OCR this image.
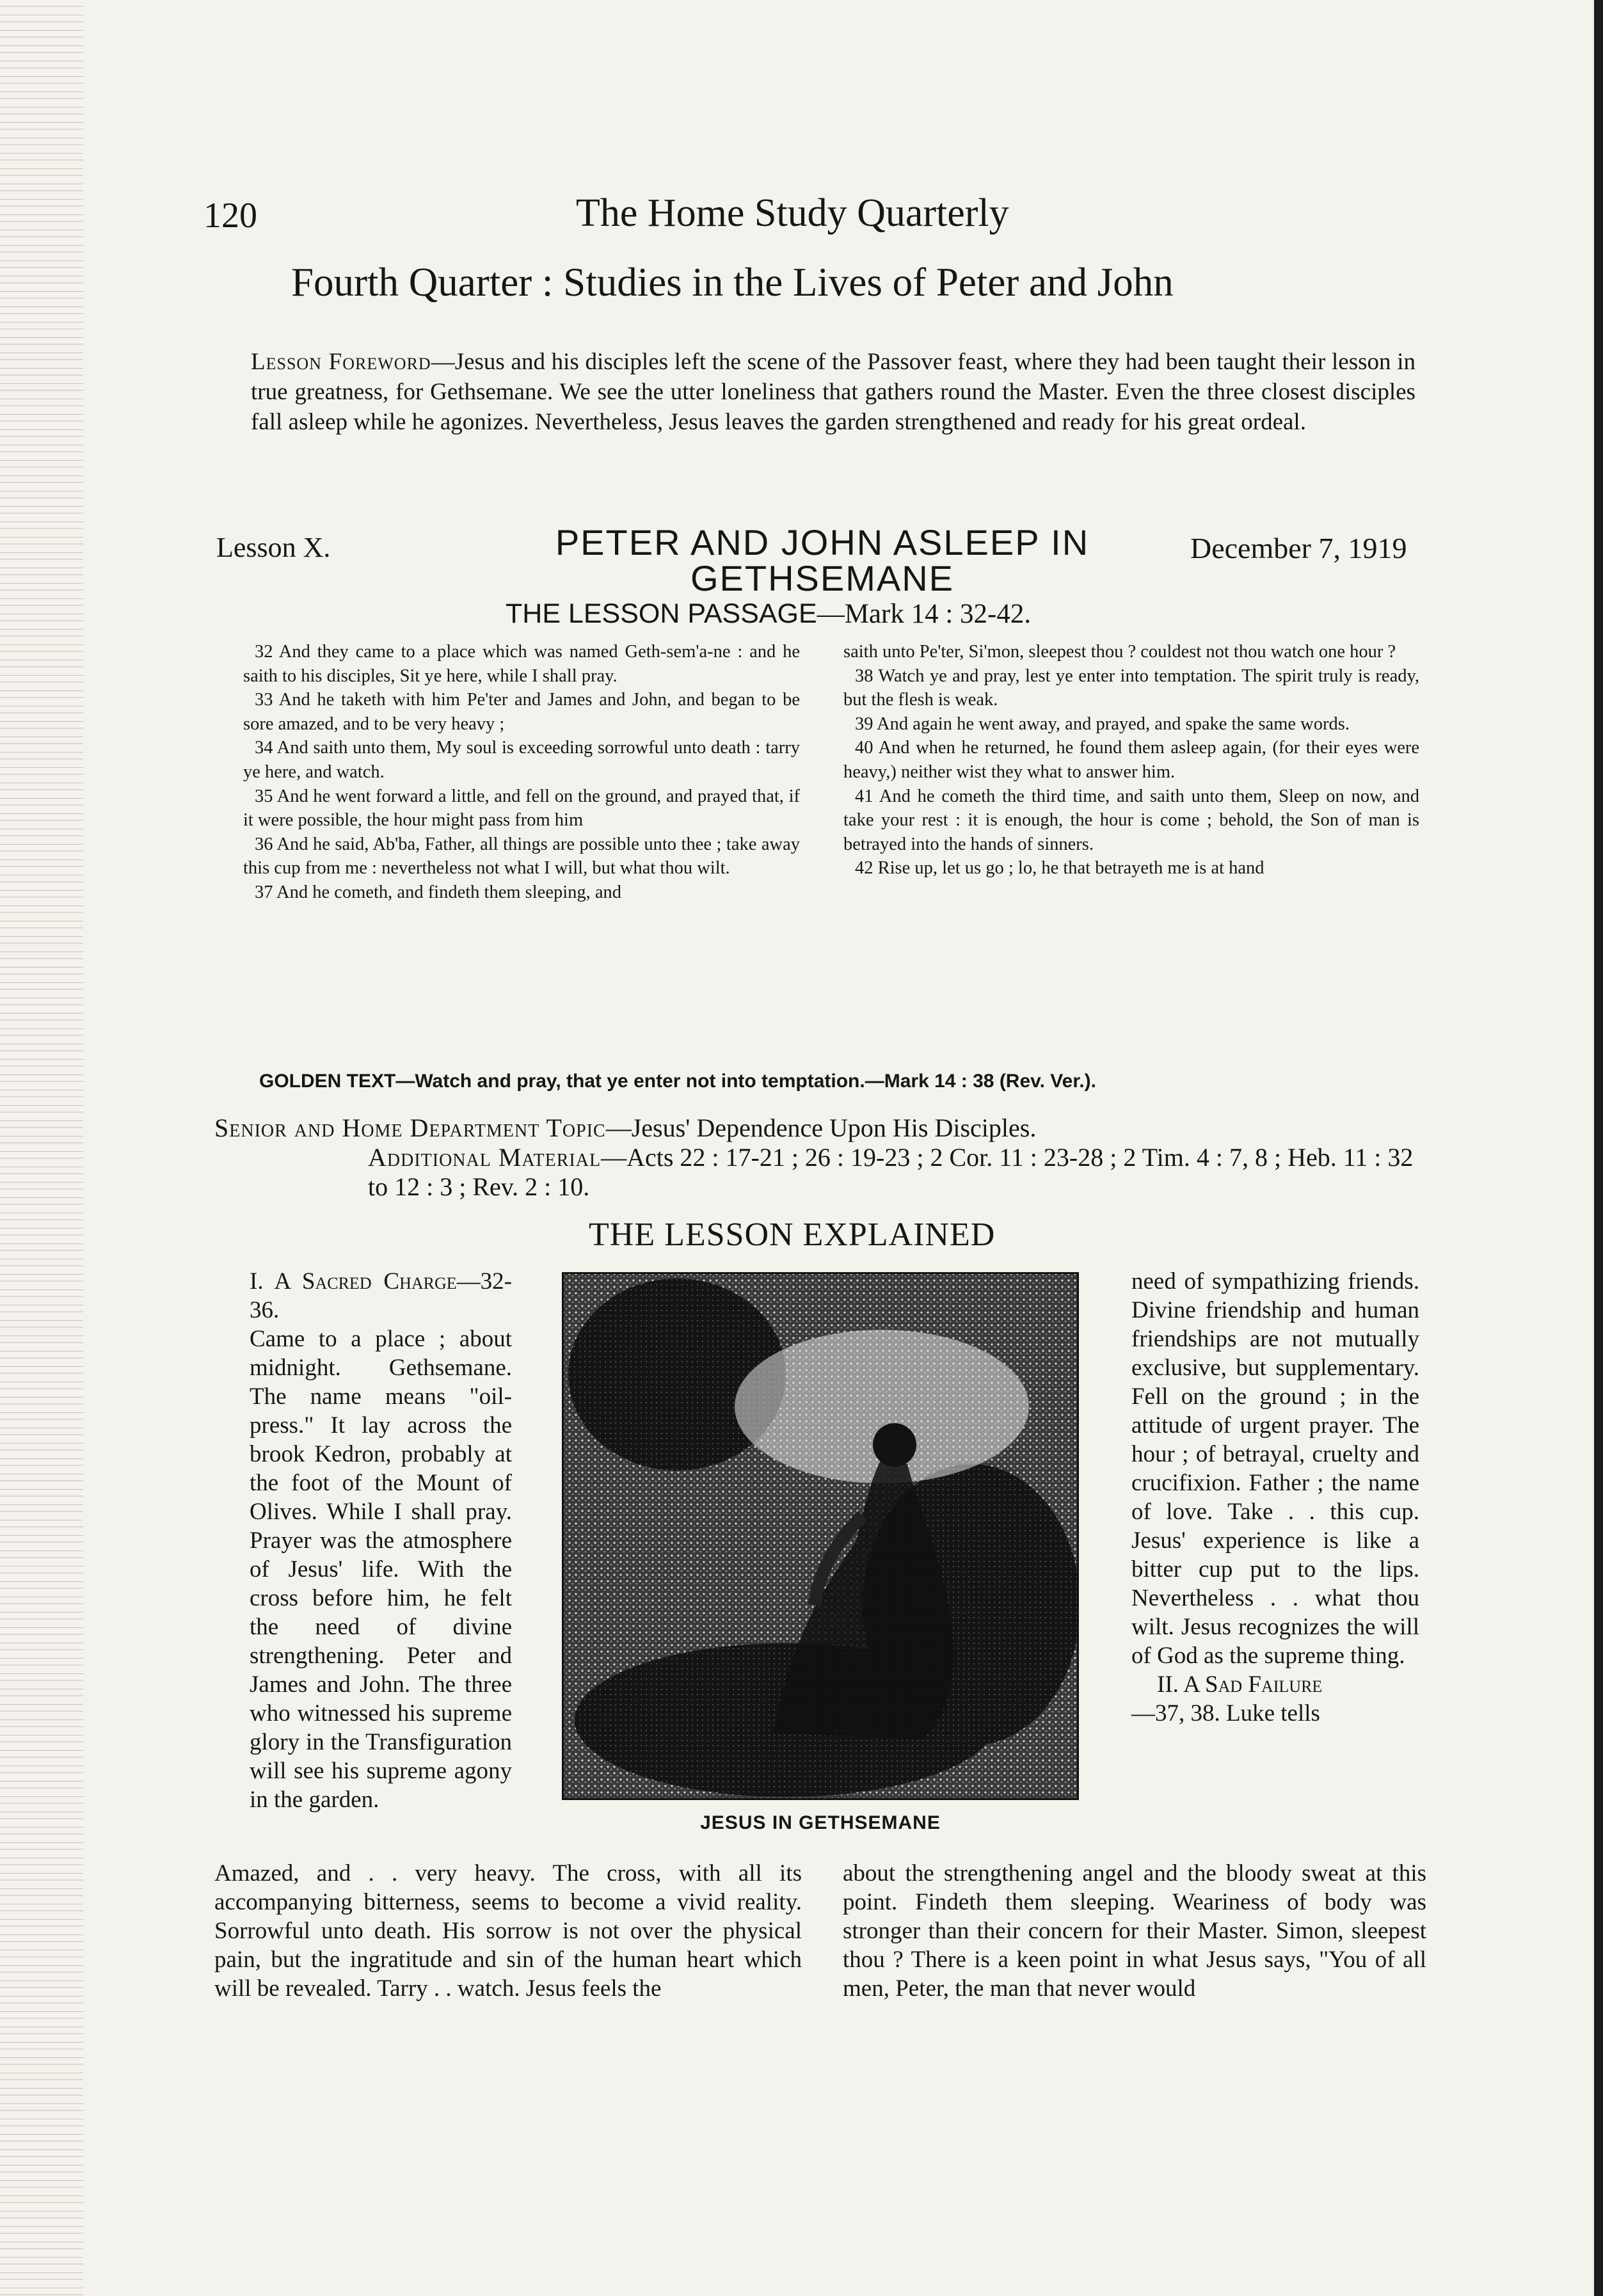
120	The Home Study Quarterly
Fourth Quarter : Studies in the Lives of Peter and John
Lesson Foreword—Jesus and his disciples left the scene of the Passover feast, where they had been taught their lesson in true greatness, for Gethsemane. We see the utter loneliness that gathers round the Master. Even the three closest disciples fall asleep while he agonizes. Nevertheless, Jesus leaves the garden strengthened and ready for his great ordeal.
Lesson X.	PETER AND JOHN ASLEEP IN
GETHSEMANE
December 7, 1919
THE LESSON PASSAGE—Mark 14 : 32-42.

32 And they came to a place which was named Geth-sem'a-ne : and he saith to his disciples, Sit ye here, while I shall pray.

33 And he taketh with him Pe'ter and James and John, and began to be sore amazed, and to be very heavy ;

34 And saith unto them, My soul is exceeding sorrowful unto death : tarry ye here, and watch.

35 And he went forward a little, and fell on the ground, and prayed that, if it were possible, the hour might pass from him

36 And he said, Ab'ba, Father, all things are possible unto thee ; take away this cup from me : nevertheless not what I will, but what thou wilt.

37 And he cometh, and findeth them sleeping, and

saith unto Pe'ter, Si'mon, sleepest thou ? couldest not thou watch one hour ?

38 Watch ye and pray, lest ye enter into temptation. The spirit truly is ready, but the flesh is weak.

39 And again he went away, and prayed, and spake the same words.

40 And when he returned, he found them asleep again, (for their eyes were heavy,) neither wist they what to answer him.

41 And he cometh the third time, and saith unto them, Sleep on now, and take your rest : it is enough, the hour is come ; behold, the Son of man is betrayed into the hands of sinners.

42 Rise up, let us go ; lo, he that betrayeth me is at hand

GOLDEN TEXT—Watch and pray, that ye enter not into temptation.—Mark 14 : 38 (Rev. Ver.).
Senior and Home Department Topic—Jesus' Dependence Upon His Disciples.
Additional Material—Acts 22 : 17-21 ; 26 : 19-23 ; 2 Cor. 11 : 23-28 ; 2 Tim. 4 : 7, 8 ; Heb. 11 : 32 to 12 : 3 ; Rev. 2 : 10.
THE LESSON EXPLAINED

I. A Sacred Charge—32-36.

Came to a place ; about midnight. Gethsemane. The name means "oil-press." It lay across the brook Kedron, probably at the foot of the Mount of Olives. While I shall pray. Prayer was the atmosphere of Jesus' life. With the cross before him, he felt the need of divine strengthening. Peter and James and John. The three who witnessed his supreme glory in the Transfiguration will see his supreme agony in the garden.

JESUS IN GETHSEMANE

need of sympathizing friends. Divine friendship and human friendships are not mutually exclusive, but supplementary. Fell on the ground ; in the attitude of urgent prayer. The hour ; of betrayal, cruelty and crucifixion. Father ; the name of love. Take . . this cup. Jesus' experience is like a bitter cup put to the lips. Nevertheless . . what thou wilt. Jesus recognizes the will of God as the supreme thing.

II. A Sad Failure

—37, 38. Luke tells

Amazed, and . . very heavy. The cross, with all its accompanying bitterness, seems to become a vivid reality. Sorrowful unto death. His sorrow is not over the physical pain, but the ingratitude and sin of the human heart which will be revealed. Tarry . . watch. Jesus feels the
about the strengthening angel and the bloody sweat at this point. Findeth them sleeping. Weariness of body was stronger than their concern for their Master. Simon, sleepest thou ? There is a keen point in what Jesus says, "You of all men, Peter, the man that never would
